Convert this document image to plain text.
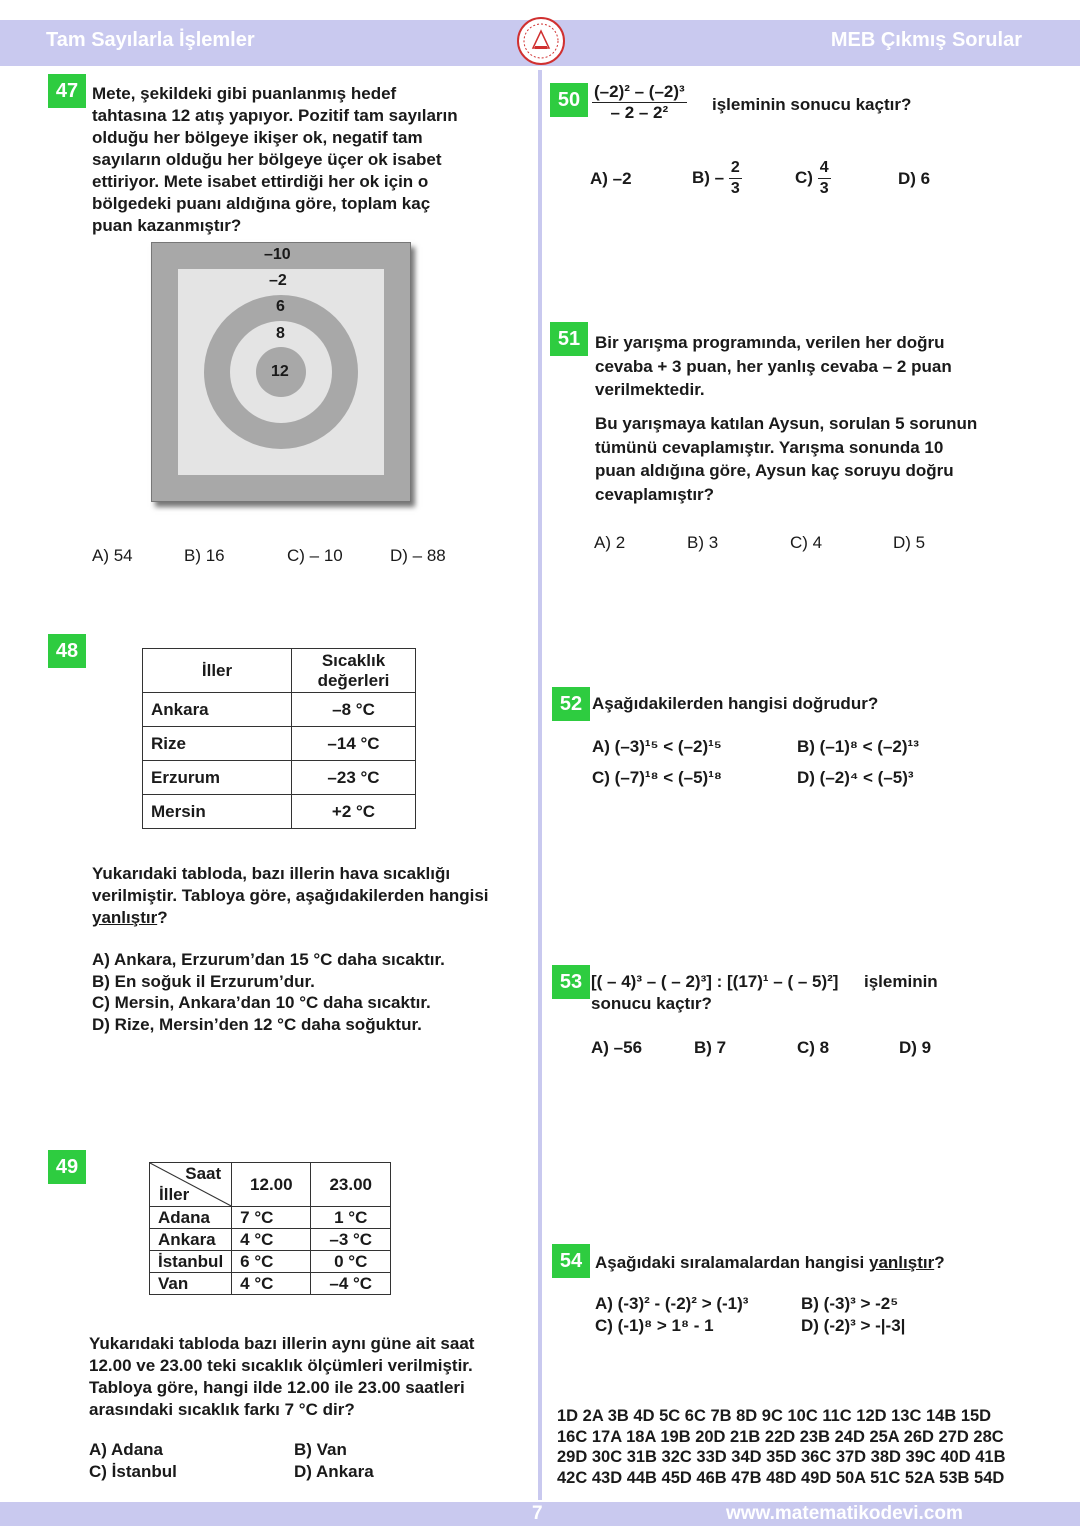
Tam Sayılarla İşlemler	MEB Çıkmış Sorular
47 Mete, şekildeki gibi puanlanmış hedef tahtasına 12 atış yapıyor. Pozitif tam sayıların olduğu her bölgeye ikişer ok, negatif tam sayıların olduğu her bölgeye üçer ok isabet ettiriyor. Mete isabet ettirdiği her ok için o bölgedeki puanı aldığına göre, toplam kaç puan kazanmıştır?
–10
–2
6
8
12
A) 54	B) 16	C) – 10	D) – 88
48
İller	Sıcaklık
değerleri
Ankara	–8 °C
Rize	–14 °C
Erzurum	–23 °C
Mersin	+2 °C
Yukarıdaki tabloda, bazı illerin hava sıcaklığı verilmiştir. Tabloya göre, aşağıdakilerden hangisi yanlıştır?
A) Ankara, Erzurum’dan 15 °C daha sıcaktır.
B) En soğuk il Erzurum’dur.
C) Mersin, Ankara’dan 10 °C daha sıcaktır.
D) Rize, Mersin’den 12 °C daha soğuktur.
49	Saat
İller	12.00	23.00
Adana	7 °C	1 °C
Ankara	4 °C	–3 °C
İstanbul	6 °C	0 °C
Van	4 °C	–4 °C
Yukarıdaki tabloda bazı illerin aynı güne ait saat 12.00 ve 23.00 teki sıcaklık ölçümleri verilmiştir. Tabloya göre, hangi ilde 12.00 ile 23.00 saatleri arasındaki sıcaklık farkı 7 °C dir?
A) Adana	B) Van
C) İstanbul	D) Ankara
$50 \frac{\text{(–2)² – (–2)³}}{\text{– 2 – 2²}}$ işleminin sonucu kaçtır?
A) –2	$B) - \frac{2}{3}$	$C) \frac{4}{3}$	D) 6
51 Bir yarışma programında, verilen her doğru cevaba + 3 puan, her yanlış cevaba – 2 puan verilmektedir.
Bu yarışmaya katılan Aysun, sorulan 5 sorunun tümünü cevaplamıştır. Yarışma sonunda 10 puan aldığına göre, Aysun kaç soruyu doğru cevaplamıştır?
A) 2	B) 3	C) 4	D) 5
52 Aşağıdakilerden hangisi doğrudur?
A) (–3)¹⁵ < (–2)¹⁵	B) (–1)⁸ < (–2)¹³
C) (–7)¹⁸ < (–5)¹⁸	D) (–2)⁴ < (–5)³
53 [( – 4)³ – ( – 2)³] : [(17)¹ – ( – 5)²] işleminin
sonucu kaçtır?
A) –56	B) 7	C) 8	D) 9
54 Aşağıdaki sıralamalardan hangisi yanlıştır?
A) (-3)² - (-2)² > (-1)³	B) (-3)³ > -2⁵
C) (-1)⁸ > 1⁸ - 1	D) (-2)³ > -|-3|
1D 2A 3B 4D 5C 6C 7B 8D 9C 10C 11C 12D 13C 14B 15D
16C 17A 18A 19B 20D 21B 22D 23B 24D 25A 26D 27D 28C
29D 30C 31B 32C 33D 34D 35D 36C 37D 38D 39C 40D 41B
42C 43D 44B 45D 46B 47B 48D 49D 50A 51C 52A 53B 54D
7	www.matematikodevi.com
